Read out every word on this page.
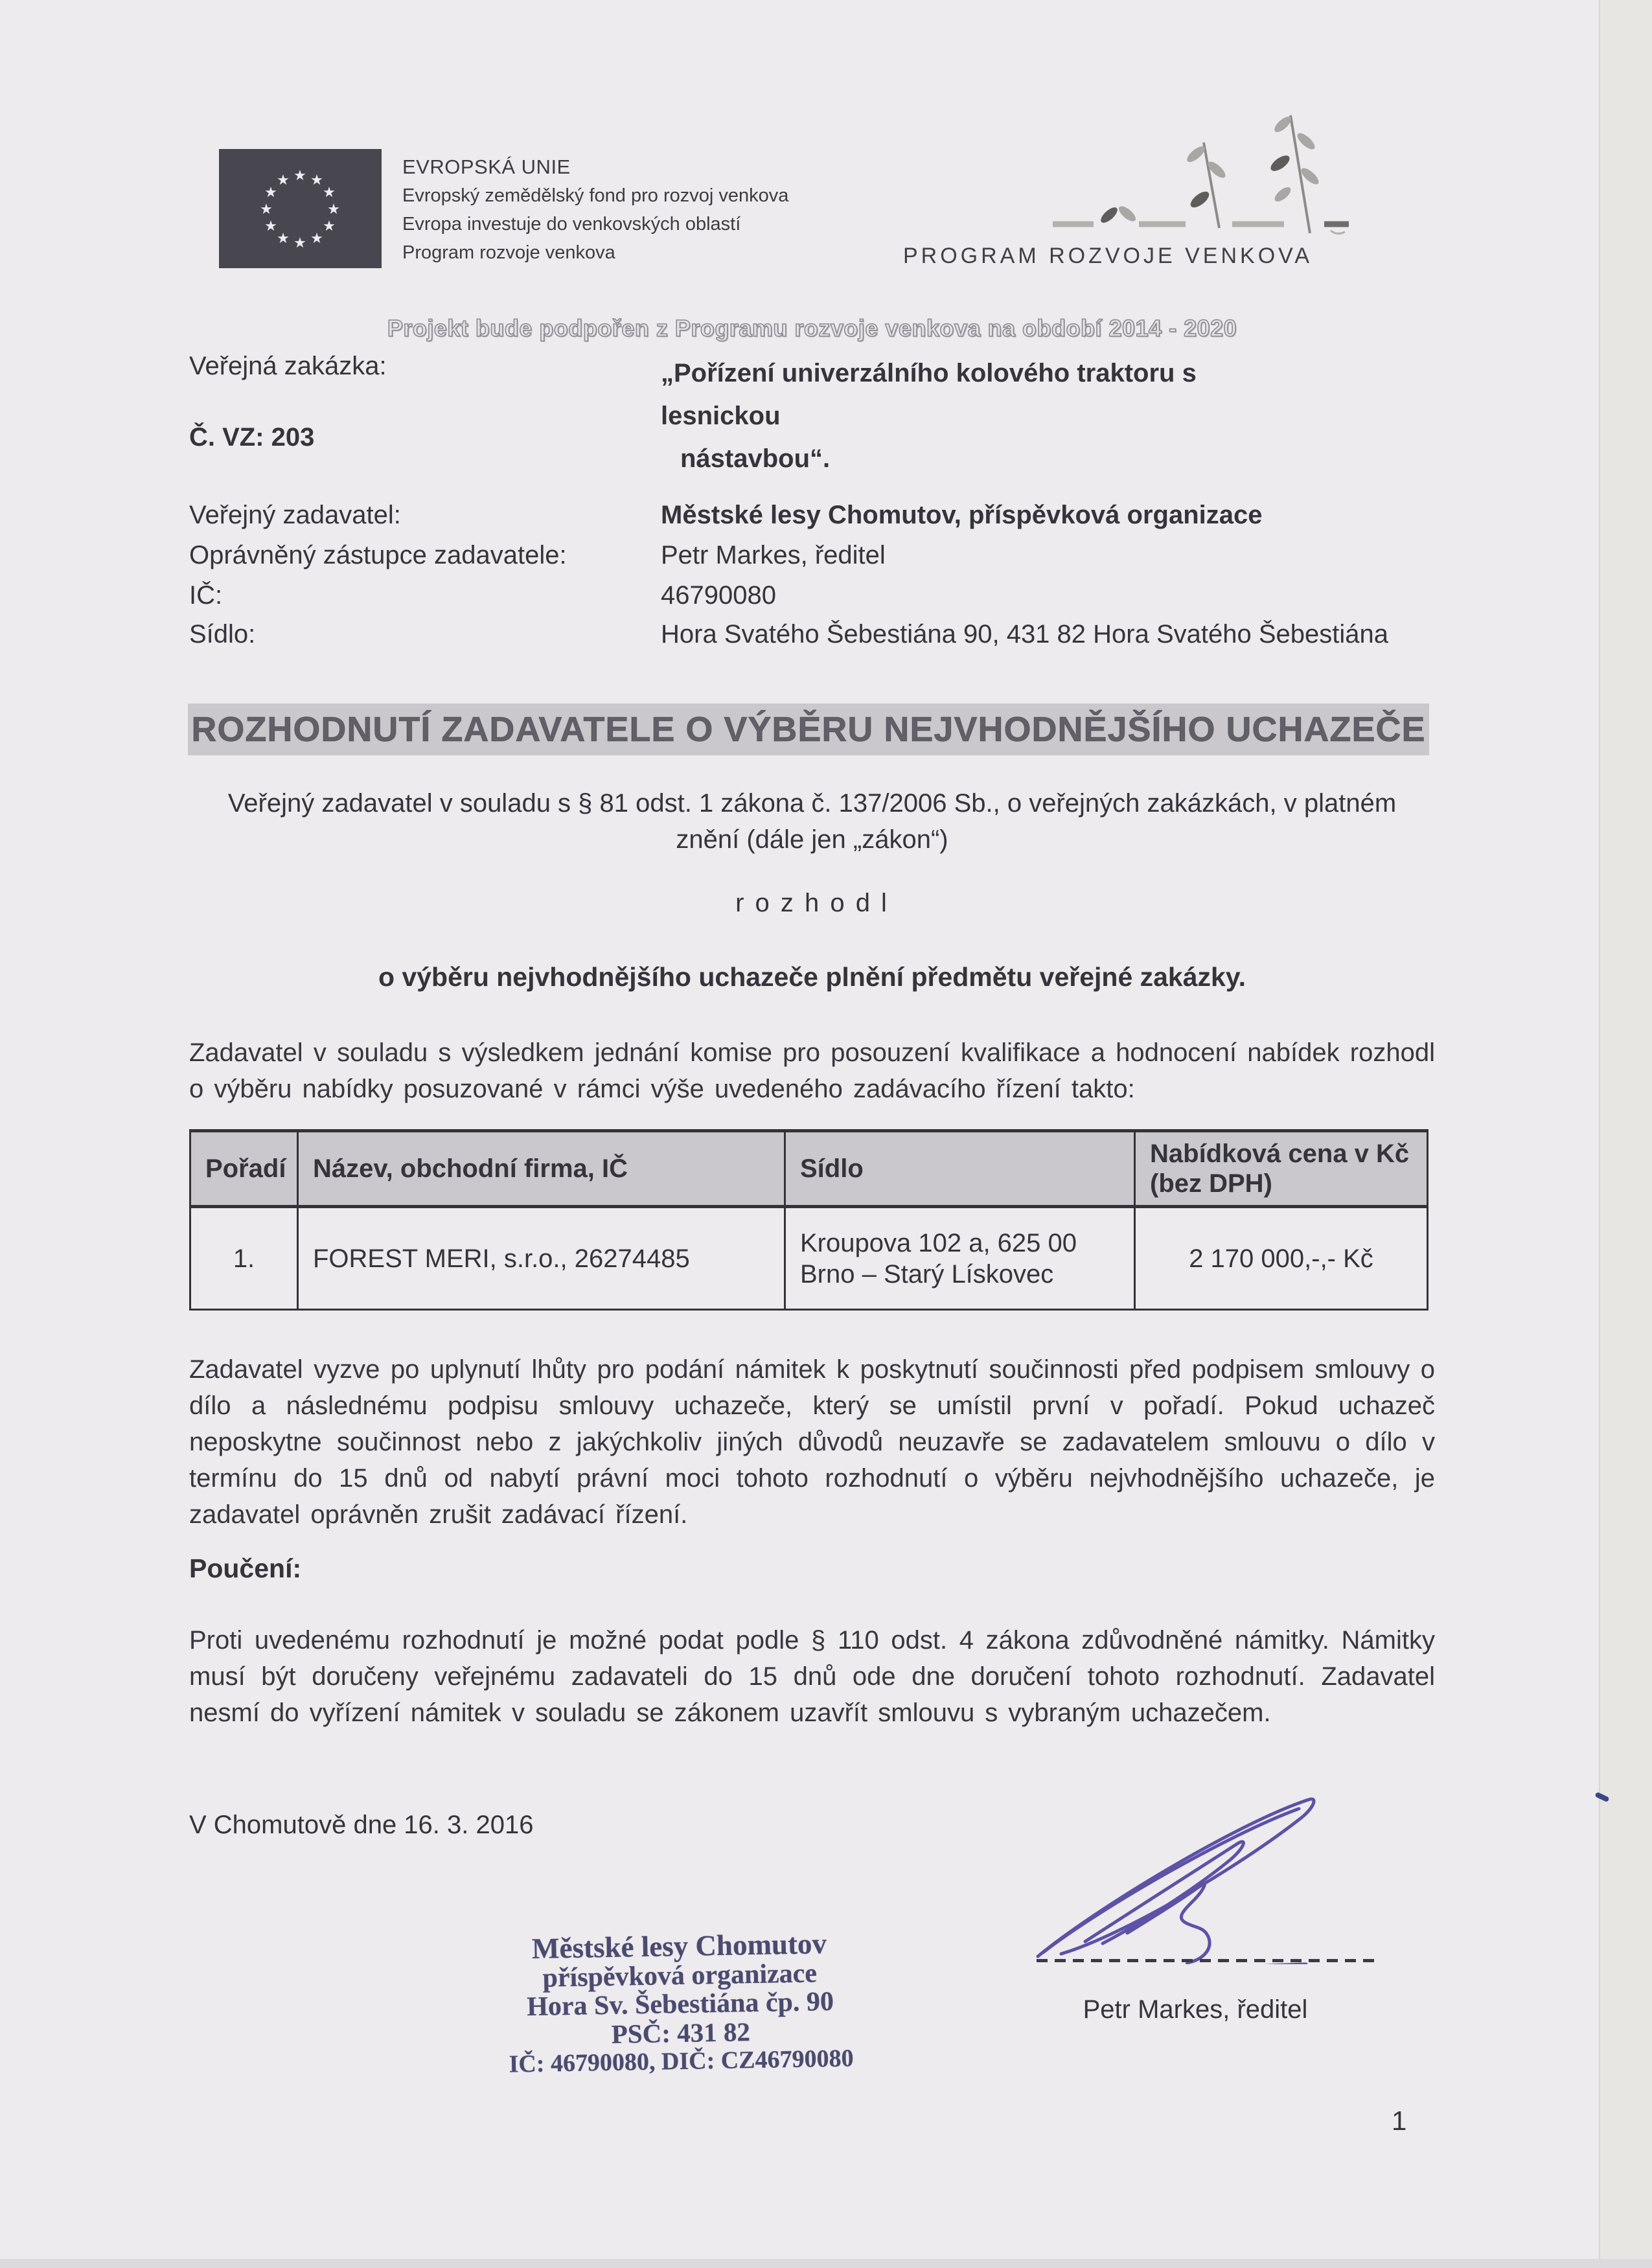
★ ★
★
★
★
★
★
★
★
★
★
★
EVROPSKÁ UNIE
Evropský zemědělský fond pro rozvoj venkova
Evropa investuje do venkovských oblastí
Program rozvoje venkova	PROGRAM ROZVOJE VENKOVA
Projekt bude podpořen z Programu rozvoje venkova na období 2014 - 2020
Veřejná zakázka:	„Pořízení univerzálního kolového traktoru s lesnickou
nástavbou“.
Č. VZ: 203
Veřejný zadavatel:	Městské lesy Chomutov, příspěvková organizace
Oprávněný zástupce zadavatele:	Petr Markes, ředitel
IČ:	46790080
Sídlo:	Hora Svatého Šebestiána 90, 431 82 Hora Svatého Šebestiána
ROZHODNUTÍ ZADAVATELE O VÝBĚRU NEJVHODNĚJŠÍHO UCHAZEČE
Veřejný zadavatel v souladu s § 81 odst. 1 zákona č. 137/2006 Sb., o veřejných zakázkách, v platném
znění (dále jen „zákon“)
r o z h o d l
o výběru nejvhodnějšího uchazeče plnění předmětu veřejné zakázky.
Zadavatel v souladu s výsledkem jednání komise pro posouzení kvalifikace a hodnocení nabídek rozhodl o výběru nabídky posuzované v rámci výše uvedeného zadávacího řízení takto:
Pořadí	Název, obchodní firma, IČ	Sídlo	Nabídková cena v Kč (bez DPH)
1.	FOREST MERI, s.r.o., 26274485	Kroupova 102 a, 625 00 Brno – Starý Lískovec	2 170 000,-,- Kč
Zadavatel vyzve po uplynutí lhůty pro podání námitek k poskytnutí součinnosti před podpisem smlouvy o dílo a následnému podpisu smlouvy uchazeče, který se umístil první v pořadí. Pokud uchazeč neposkytne součinnost nebo z jakýchkoliv jiných důvodů neuzavře se zadavatelem smlouvu o dílo v termínu do 15 dnů od nabytí právní moci tohoto rozhodnutí o výběru nejvhodnějšího uchazeče, je zadavatel oprávněn zrušit zadávací řízení.
Poučení:
Proti uvedenému rozhodnutí je možné podat podle § 110 odst. 4 zákona zdůvodněné námitky. Námitky musí být doručeny veřejnému zadavateli do 15 dnů ode dne doručení tohoto rozhodnutí. Zadavatel nesmí do vyřízení námitek v souladu se zákonem uzavřít smlouvu s vybraným uchazečem.
V Chomutově dne 16. 3. 2016
Městské lesy Chomutov
příspěvková organizace
Hora Sv. Šebestiána čp. 90
PSČ: 431 82
IČ: 46790080, DIČ: CZ46790080
Petr Markes, ředitel
1
